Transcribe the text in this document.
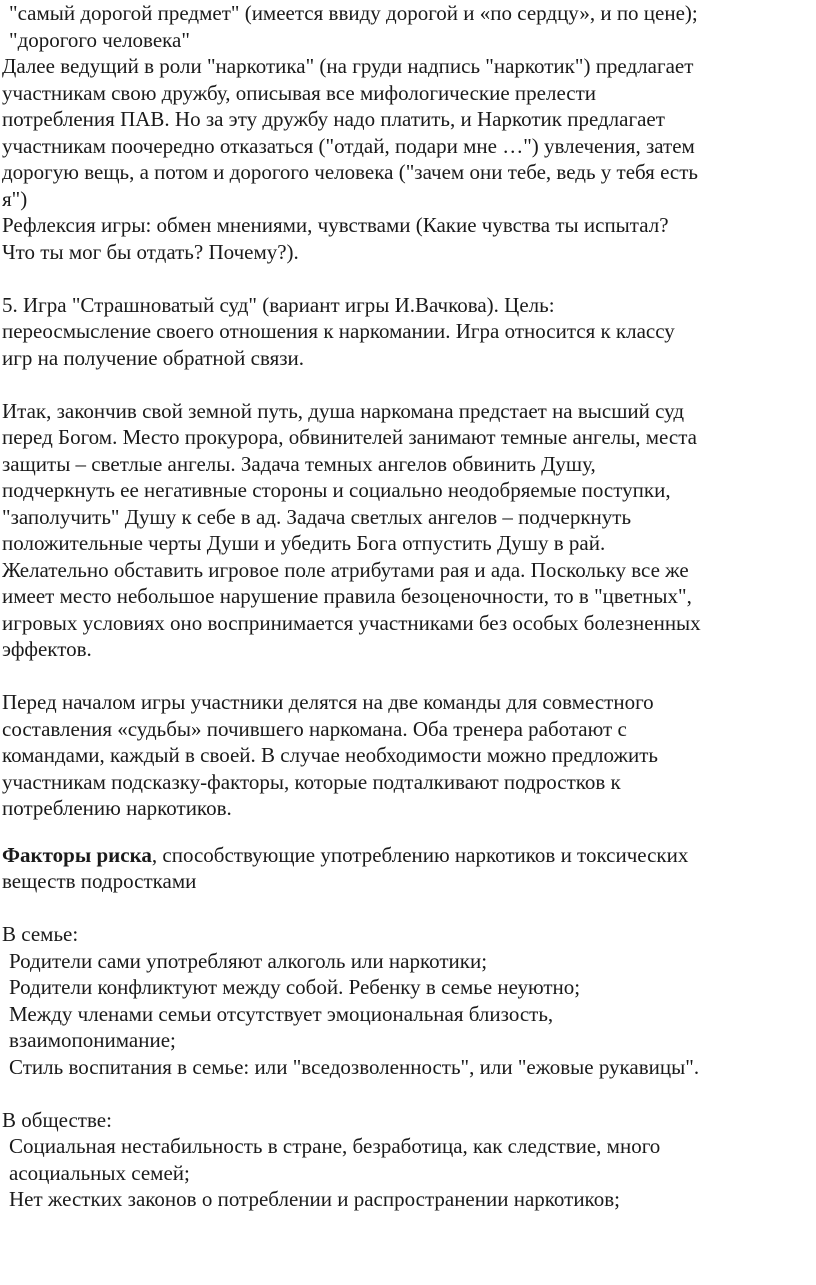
"самый дорогой предмет" (имеется ввиду дорогой и «по сердцу», и по цене);
"дорогого человека"
Далее ведущий в роли "наркотика" (на груди надпись "наркотик") предлагает
участникам свою дружбу, описывая все мифологические прелести
потребления ПАВ. Но за эту дружбу надо платить, и Наркотик предлагает
участникам поочередно отказаться ("отдай, подари мне …") увлечения, затем
дорогую вещь, а потом и дорогого человека ("зачем они тебе, ведь у тебя есть
я")
Рефлексия игры: обмен мнениями, чувствами (Какие чувства ты испытал?
Что ты мог бы отдать? Почему?).
5. Игра "Страшноватый суд" (вариант игры И.Вачкова). Цель:
переосмысление своего отношения к наркомании. Игра относится к классу
игр на получение обратной связи.
Итак, закончив свой земной путь, душа наркомана предстает на высший суд
перед Богом. Место прокурора, обвинителей занимают темные ангелы, места
защиты – светлые ангелы. Задача темных ангелов обвинить Душу,
подчеркнуть ее негативные стороны и социально неодобряемые поступки,
"заполучить" Душу к себе в ад. Задача светлых ангелов – подчеркнуть
положительные черты Души и убедить Бога отпустить Душу в рай.
Желательно обставить игровое поле атрибутами рая и ада. Поскольку все же
имеет место небольшое нарушение правила безоценочности, то в "цветных",
игровых условиях оно воспринимается участниками без особых болезненных
эффектов.
Перед началом игры участники делятся на две команды для совместного
составления «судьбы» почившего наркомана. Оба тренера работают с
командами, каждый в своей. В случае необходимости можно предложить
участникам подсказку-факторы, которые подталкивают подростков к
потреблению наркотиков.
Факторы риска, способствующие употреблению наркотиков и токсических
веществ подростками
В семье:
Родители сами употребляют алкоголь или наркотики;
Родители конфликтуют между собой. Ребенку в семье неуютно;
Между членами семьи отсутствует эмоциональная близость,
взаимопонимание;
Стиль воспитания в семье: или "вседозволенность", или "ежовые рукавицы".
В обществе:
Социальная нестабильность в стране, безработица, как следствие, много
асоциальных семей;
Нет жестких законов о потреблении и распространении наркотиков;
